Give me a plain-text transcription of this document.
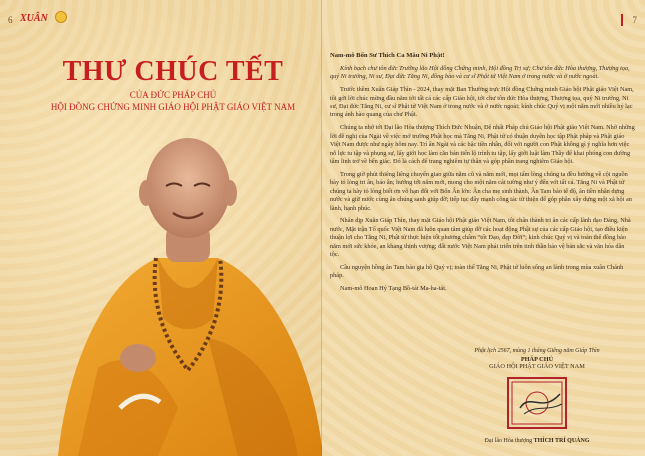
6 XUÂN
THƯ CHÚC TẾT
CỦA ĐỨC PHÁP CHỦ
HỘI ĐỒNG CHỨNG MINH GIÁO HỘI PHẬT GIÁO VIỆT NAM
7

Nam-mô Bổn Sư Thích Ca Mâu Ni Phật!

Kính bạch chư tôn đức Trưởng lão Hội đồng Chứng minh, Hội đồng Trị sự; Chư tôn đức Hòa thượng, Thượng tọa, quý Ni trưởng, Ni sư, Đại đức Tăng Ni, đồng bào và cư sĩ Phật tử Việt Nam ở trong nước và ở nước ngoài.

Trước thềm Xuân Giáp Thìn - 2024, thay mặt Ban Thường trực Hội đồng Chứng minh Giáo hội Phật giáo Việt Nam, tôi gởi lời chúc mừng đầu năm tới tất cả các cấp Giáo hội, tới chư tôn đức Hòa thượng, Thượng tọa, quý Ni trưởng, Ni sư, Đại đức Tăng Ni, cư sĩ Phật tử Việt Nam ở trong nước và ở nước ngoài; kính chúc Quý vị một năm mới nhiều hỷ lạc trong ánh hào quang của chư Phật.

Chúng ta nhớ tới Đại lão Hòa thượng Thích Đức Nhuận, Đệ nhất Pháp chủ Giáo hội Phật giáo Việt Nam. Nhờ những lời đề nghị của Ngài về việc mở trường Phật học mà Tăng Ni, Phật tử có thuận duyên học tập Phật pháp và Phật giáo Việt Nam được như ngày hôm nay. Trí ân Ngài và các bậc tiền nhân, đối với người con Phật không gì ý nghĩa hơn việc nỗ lực tu tập và phụng sự, lấy giới học làm căn bản tiến lộ trình tu tập, lấy giới luật làm Thầy để khai phóng con đường tâm linh trở về bến giác. Đó là cách để trang nghiêm tự thân và góp phần trang nghiêm Giáo hội.

Trong giờ phút thiêng liêng chuyển giao giữa năm cũ và năm mới, mọi tấm lòng chúng ta đều hướng về cội nguồn bày tỏ lòng tri ân, báo ân; hướng tới năm mới, mong cho một năm cát tường như ý đến với tất cả. Tăng Ni và Phật tử chúng ta hãy tỏ lòng biết ơn vô hạn đối với Bốn Ân lớn: Ân cha mẹ sinh thành, Ân Tam bảo tế độ, ân tiền nhân dựng nước và giữ nước cùng ân chúng sanh giúp đỡ; tiếp tục đẩy mạnh công tác từ thiện để góp phần xây dựng một xã hội an lành, hạnh phúc.

Nhân dịp Xuân Giáp Thìn, thay mặt Giáo hội Phật giáo Việt Nam, tôi chân thành tri ân các cấp lãnh đạo Đảng, Nhà nước, Mặt trận Tổ quốc Việt Nam đã luôn quan tâm giúp đỡ các hoạt động Phật sự của các cấp Giáo hội, tạo điều kiện thuận lợi cho Tăng Ni, Phật tử thực hiện tốt phương châm “tốt Đạo, đẹp Đời”; kính chúc Quý vị và toàn thể đồng bào năm mới sức khỏe, an khang thịnh vượng; đất nước Việt Nam phát triển trên tinh thần bảo vệ bản sắc và văn hóa dân tộc.

Cầu nguyện hồng ân Tam bảo gia hộ Quý vị; toàn thể Tăng Ni, Phật tử luôn sống an lành trong mùa xuân Chánh pháp.

Nam-mô Hoan Hỷ Tạng Bồ-tát Ma-ha-tát.

Phật lịch 2567, mùng 1 tháng Giêng năm Giáp Thìn
PHÁP CHỦ
GIÁO HỘI PHẬT GIÁO VIỆT NAM
Đại lão Hòa thượng THÍCH TRÍ QUẢNG
